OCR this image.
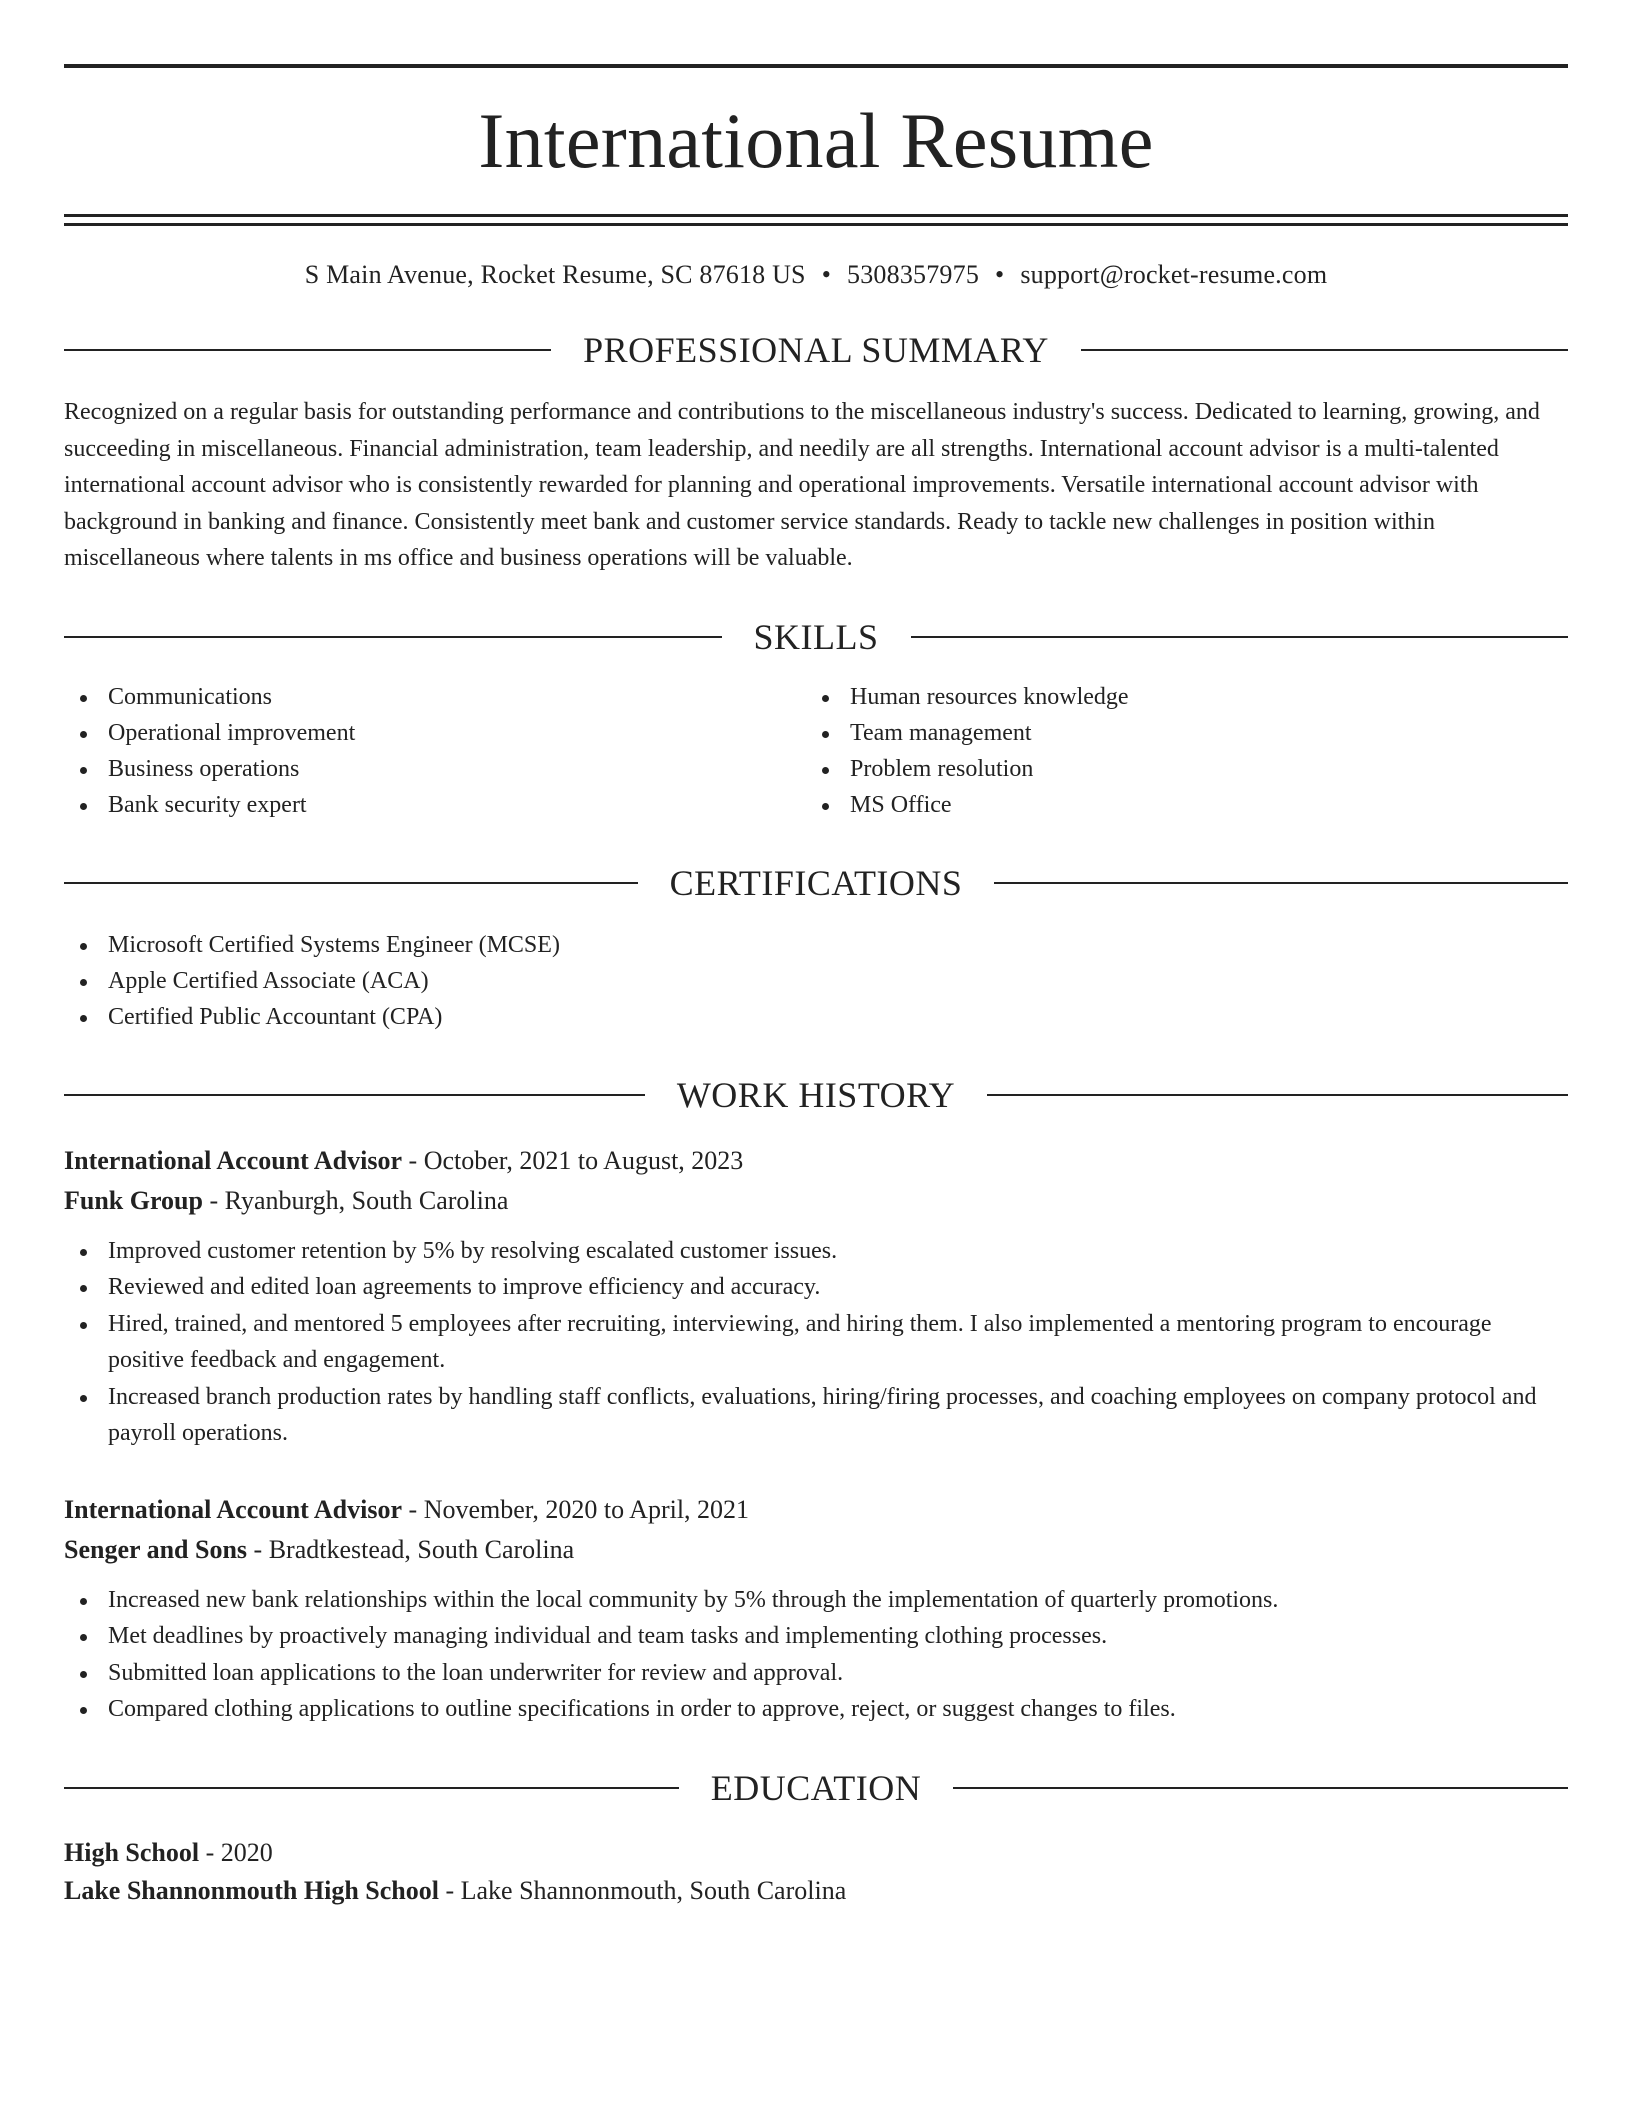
International Resume
S Main Avenue, Rocket Resume, SC 87618 US • 5308357975 • support@rocket-resume.com
PROFESSIONAL SUMMARY
Recognized on a regular basis for outstanding performance and contributions to the miscellaneous industry's success. Dedicated to learning, growing, and succeeding in miscellaneous. Financial administration, team leadership, and needily are all strengths. International account advisor is a multi-talented international account advisor who is consistently rewarded for planning and operational improvements. Versatile international account advisor with background in banking and finance. Consistently meet bank and customer service standards. Ready to tackle new challenges in position within miscellaneous where talents in ms office and business operations will be valuable.
SKILLS
Communications
Operational improvement
Business operations
Bank security expert
Human resources knowledge
Team management
Problem resolution
MS Office
CERTIFICATIONS
Microsoft Certified Systems Engineer (MCSE)
Apple Certified Associate (ACA)
Certified Public Accountant (CPA)
WORK HISTORY
International Account Advisor - October, 2021 to August, 2023
Funk Group - Ryanburgh, South Carolina
Improved customer retention by 5% by resolving escalated customer issues.
Reviewed and edited loan agreements to improve efficiency and accuracy.
Hired, trained, and mentored 5 employees after recruiting, interviewing, and hiring them. I also implemented a mentoring program to encourage positive feedback and engagement.
Increased branch production rates by handling staff conflicts, evaluations, hiring/firing processes, and coaching employees on company protocol and payroll operations.
International Account Advisor - November, 2020 to April, 2021
Senger and Sons - Bradtkestead, South Carolina
Increased new bank relationships within the local community by 5% through the implementation of quarterly promotions.
Met deadlines by proactively managing individual and team tasks and implementing clothing processes.
Submitted loan applications to the loan underwriter for review and approval.
Compared clothing applications to outline specifications in order to approve, reject, or suggest changes to files.
EDUCATION
High School - 2020
Lake Shannonmouth High School - Lake Shannonmouth, South Carolina
